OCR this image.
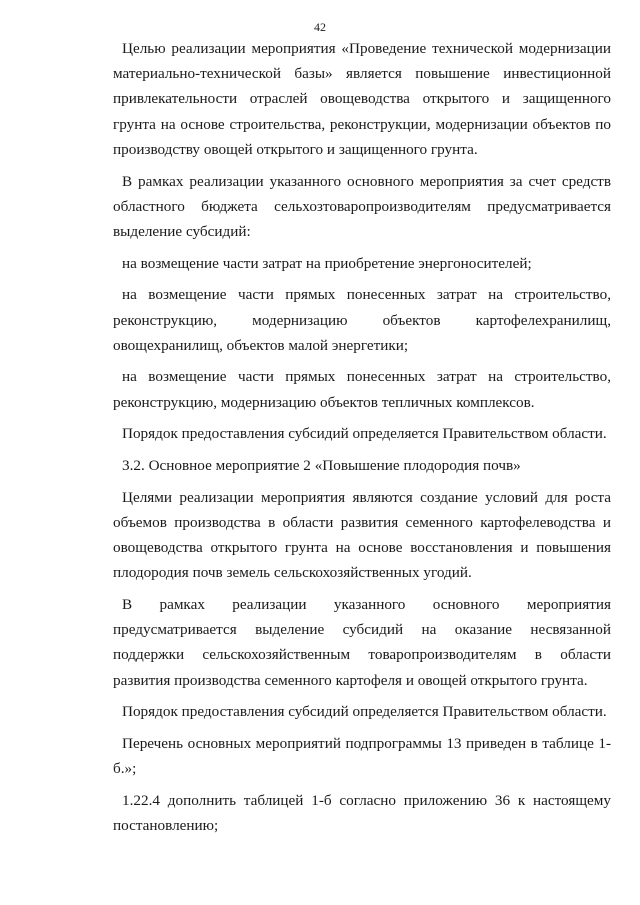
42

Целью реализации мероприятия «Проведение технической модернизации материально-технической базы» является повышение инвестиционной привлекательности отраслей овощеводства открытого и защищенного грунта на основе строительства, реконструкции, модернизации объектов по производству овощей открытого и защищенного грунта.

В рамках реализации указанного основного мероприятия за счет средств областного бюджета сельхозтоваропроизводителям предусматривается выделение субсидий:

на возмещение части затрат на приобретение энергоносителей;

на возмещение части прямых понесенных затрат на строительство, реконструкцию, модернизацию объектов картофелехранилищ, овощехранилищ, объектов малой энергетики;

на возмещение части прямых понесенных затрат на строительство, реконструкцию, модернизацию объектов тепличных комплексов.

Порядок предоставления субсидий определяется Правительством области.

3.2. Основное мероприятие 2 «Повышение плодородия почв»

Целями реализации мероприятия являются создание условий для роста объемов производства в области развития семенного картофелеводства и овощеводства открытого грунта на основе восстановления и повышения плодородия почв земель сельскохозяйственных угодий.

В рамках реализации указанного основного мероприятия предусматривается выделение субсидий на оказание несвязанной поддержки сельскохозяйственным товаропроизводителям в области развития производства семенного картофеля и овощей открытого грунта.

Порядок предоставления субсидий определяется Правительством области.

Перечень основных мероприятий подпрограммы 13 приведен в таблице 1-б.»;

1.22.4 дополнить таблицей 1-б согласно приложению 36 к настоящему постановлению;
